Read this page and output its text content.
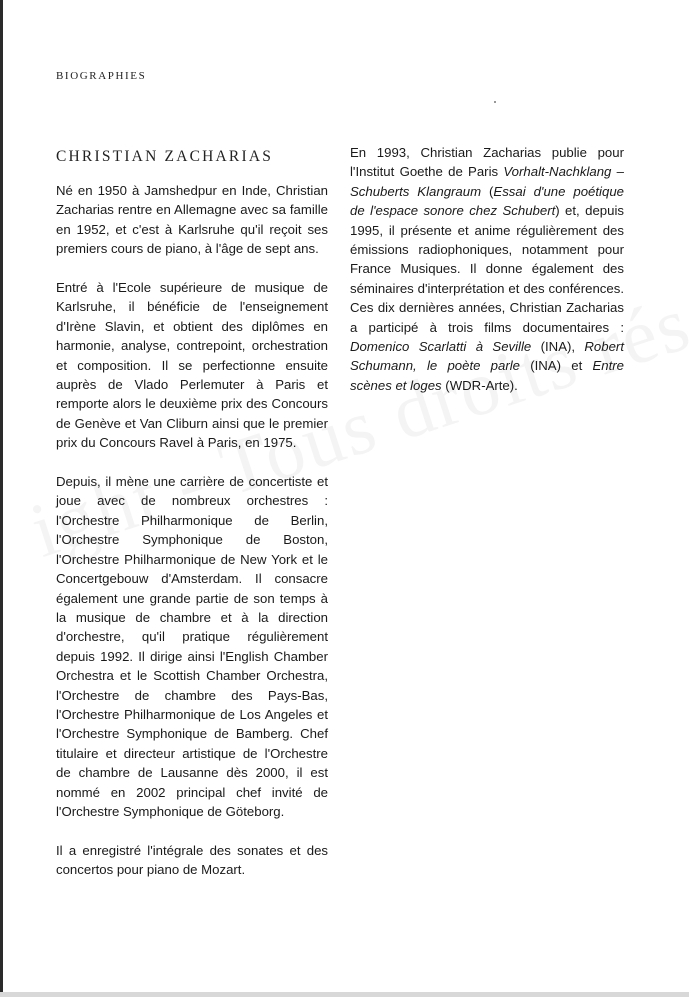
BIOGRAPHIES
CHRISTIAN ZACHARIAS

Né en 1950 à Jamshedpur en Inde, Christian Zacharias rentre en Allemagne avec sa famille en 1952, et c'est à Karlsruhe qu'il reçoit ses premiers cours de piano, à l'âge de sept ans.

Entré à l'Ecole supérieure de musique de Karlsruhe, il bénéficie de l'enseignement d'Irène Slavin, et obtient des diplômes en harmonie, analyse, contrepoint, orchestration et composition. Il se perfectionne ensuite auprès de Vlado Perlemuter à Paris et remporte alors le deuxième prix des Concours de Genève et Van Cliburn ainsi que le premier prix du Concours Ravel à Paris, en 1975.

Depuis, il mène une carrière de concertiste et joue avec de nombreux orchestres : l'Orchestre Philharmonique de Berlin, l'Orchestre Symphonique de Boston, l'Orchestre Philharmonique de New York et le Concertgebouw d'Amsterdam. Il consacre également une grande partie de son temps à la musique de chambre et à la direction d'orchestre, qu'il pratique régulièrement depuis 1992. Il dirige ainsi l'English Chamber Orchestra et le Scottish Chamber Orchestra, l'Orchestre de chambre des Pays-Bas, l'Orchestre Philharmonique de Los Angeles et l'Orchestre Symphonique de Bamberg. Chef titulaire et directeur artistique de l'Orchestre de chambre de Lausanne dès 2000, il est nommé en 2002 principal chef invité de l'Orchestre Symphonique de Göteborg.

Il a enregistré l'intégrale des sonates et des concertos pour piano de Mozart.

En 1993, Christian Zacharias publie pour l'Institut Goethe de Paris Vorhalt-Nachklang – Schuberts Klangraum (Essai d'une poétique de l'espace sonore chez Schubert) et, depuis 1995, il présente et anime régulièrement des émissions radiophoniques, notamment pour France Musiques. Il donne également des séminaires d'interprétation et des conférences. Ces dix dernières années, Christian Zacharias a participé à trois films documentaires : Domenico Scarlatti à Seville (INA), Robert Schumann, le poète parle (INA) et Entre scènes et loges (WDR-Arte).
